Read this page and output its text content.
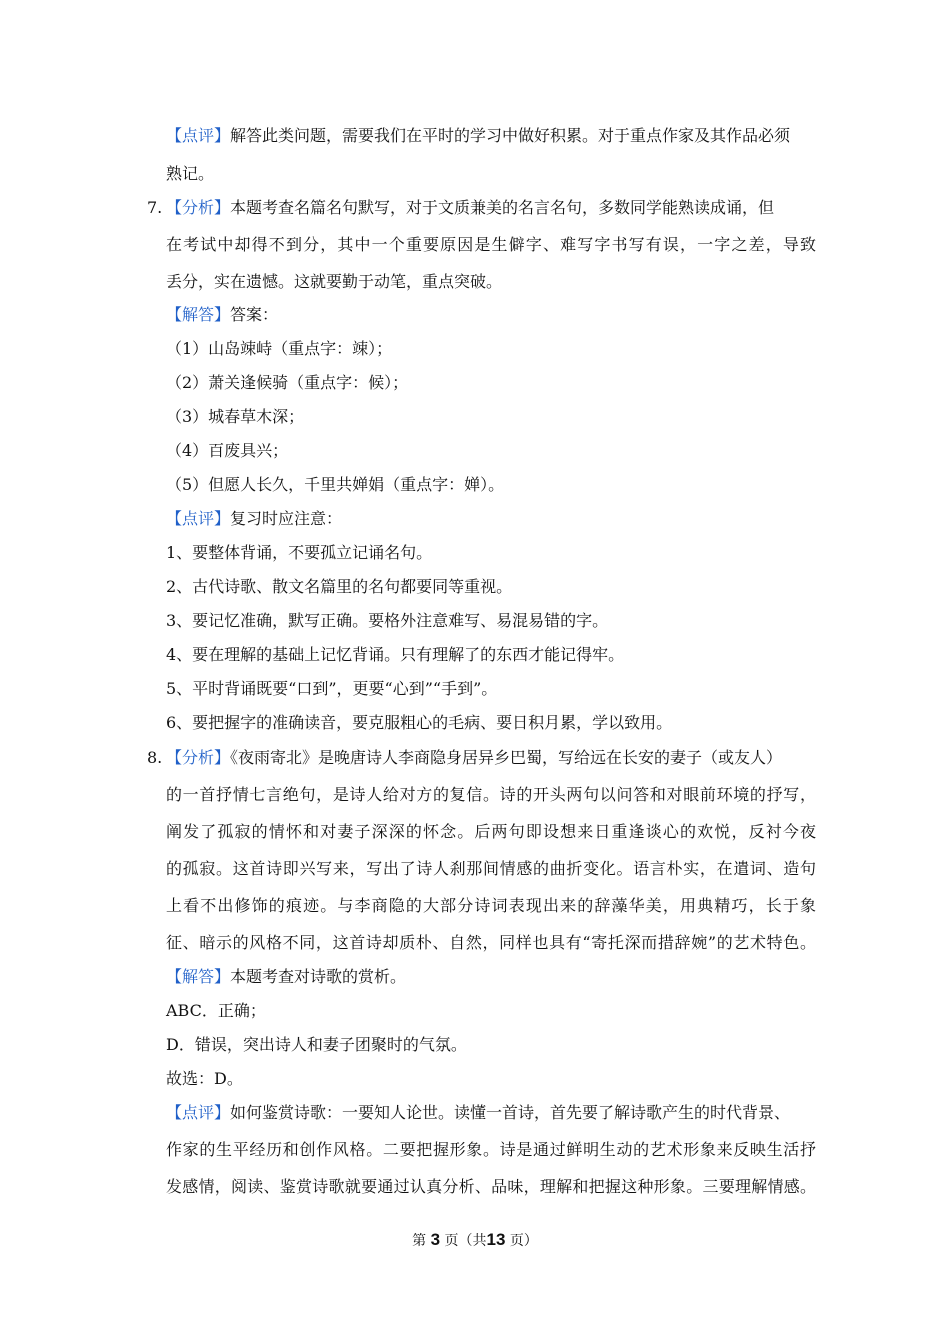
【点评】解答此类问题，需要我们在平时的学习中做好积累。对于重点作家及其作品必须
熟记。
7. 【分析】本题考查名篇名句默写，对于文质兼美的名言名句，多数同学能熟读成诵，但
在考试中却得不到分，其中一个重要原因是生僻字、难写字书写有误，一字之差，导致
丢分，实在遗憾。这就要勤于动笔，重点突破。
【解答】答案：
（1）山岛竦峙（重点字：竦）；
（2）萧关逢候骑（重点字：候）；
（3）城春草木深；
（4）百废具兴；
（5）但愿人长久，千里共婵娟（重点字：婵）。
【点评】复习时应注意：
1、要整体背诵，不要孤立记诵名句。
2、古代诗歌、散文名篇里的名句都要同等重视。
3、要记忆准确，默写正确。要格外注意难写、易混易错的字。
4、要在理解的基础上记忆背诵。只有理解了的东西才能记得牢。
5、平时背诵既要“口到”，更要“心到”“手到”。
6、要把握字的准确读音，要克服粗心的毛病、要日积月累，学以致用。
8. 【分析】《夜雨寄北》是晚唐诗人李商隐身居异乡巴蜀，写给远在长安的妻子（或友人）
的一首抒情七言绝句，是诗人给对方的复信。诗的开头两句以问答和对眼前环境的抒写，
阐发了孤寂的情怀和对妻子深深的怀念。后两句即设想来日重逢谈心的欢悦，反衬今夜
的孤寂。这首诗即兴写来，写出了诗人刹那间情感的曲折变化。语言朴实，在遣词、造句
上看不出修饰的痕迹。与李商隐的大部分诗词表现出来的辞藻华美，用典精巧，长于象
征、暗示的风格不同，这首诗却质朴、自然，同样也具有“寄托深而措辞婉”的艺术特色。
【解答】本题考查对诗歌的赏析。
ABC．正确；
D．错误，突出诗人和妻子团聚时的气氛。
故选：D。
【点评】如何鉴赏诗歌：一要知人论世。读懂一首诗，首先要了解诗歌产生的时代背景、
作家的生平经历和创作风格。二要把握形象。诗是通过鲜明生动的艺术形象来反映生活抒
发感情，阅读、鉴赏诗歌就要通过认真分析、品味，理解和把握这种形象。三要理解情感。
第 3 页（共13 页）
